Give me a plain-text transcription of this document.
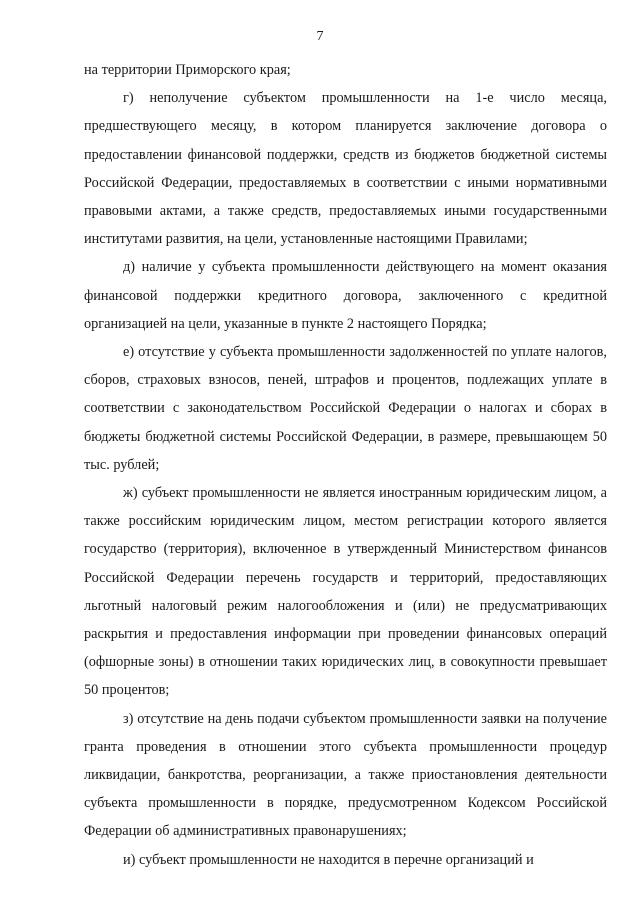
7

на территории Приморского края;

г) неполучение субъектом промышленности на 1-е число месяца, предшествующего месяцу, в котором планируется заключение договора о предоставлении финансовой поддержки, средств из бюджетов бюджетной системы Российской Федерации, предоставляемых в соответствии с иными нормативными правовыми актами, а также средств, предоставляемых иными государственными институтами развития, на цели, установленные настоящими Правилами;

д) наличие у субъекта промышленности действующего на момент оказания финансовой поддержки кредитного договора, заключенного с кредитной организацией на цели, указанные в пункте 2 настоящего Порядка;

е) отсутствие у субъекта промышленности задолженностей по уплате налогов, сборов, страховых взносов, пеней, штрафов и процентов, подлежащих уплате в соответствии с законодательством Российской Федерации о налогах и сборах в бюджеты бюджетной системы Российской Федерации, в размере, превышающем 50 тыс. рублей;

ж) субъект промышленности не является иностранным юридическим лицом, а также российским юридическим лицом, местом регистрации которого является государство (территория), включенное в утвержденный Министерством финансов Российской Федерации перечень государств и территорий, предоставляющих льготный налоговый режим налогообложения и (или) не предусматривающих раскрытия и предоставления информации при проведении финансовых операций (офшорные зоны) в отношении таких юридических лиц, в совокупности превышает 50 процентов;

з) отсутствие на день подачи субъектом промышленности заявки на получение гранта проведения в отношении этого субъекта промышленности процедур ликвидации, банкротства, реорганизации, а также приостановления деятельности субъекта промышленности в порядке, предусмотренном Кодексом Российской Федерации об административных правонарушениях;

и) субъект промышленности не находится в перечне организаций и
